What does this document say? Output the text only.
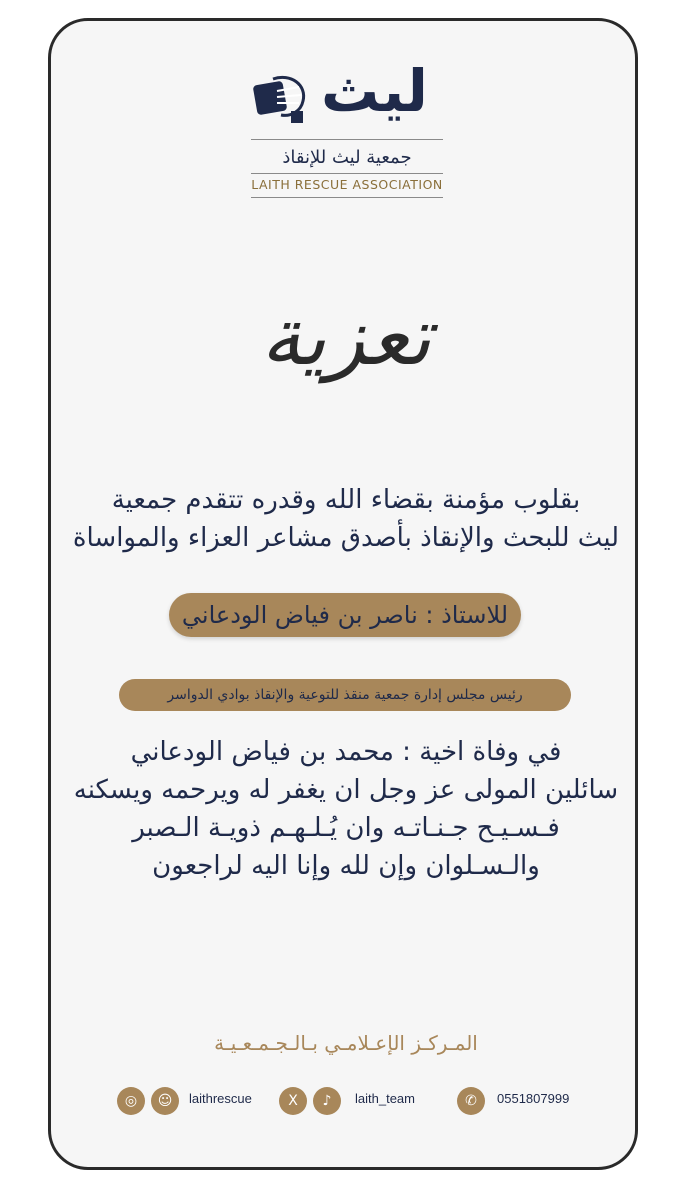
ليث
جمعية ليث للإنقاذ
LAITH RESCUE ASSOCIATION
تعزية
بقلوب مؤمنة بقضاء الله وقدره تتقدم جمعية
ليث للبحث والإنقاذ بأصدق مشاعر العزاء والمواساة
للاستاذ : ناصر بن فياض الودعاني
رئيس مجلس إدارة جمعية منقذ للتوعية والإنقاذ بوادي الدواسر
في وفاة اخية : محمد بن فياض الودعاني
سائلين المولى عز وجل ان يغفر له ويرحمه ويسكنه
فـسـيـح جـنـاتـه وان يُـلـهـم ذويـة الـصبر
والـسـلوان وإن لله وإنا اليه لراجعون
المـركـز الإعـلامـي بـالـجـمـعـيـة
◎	☺	laithrescue	X	♪	laith_team	✆	0551807999
